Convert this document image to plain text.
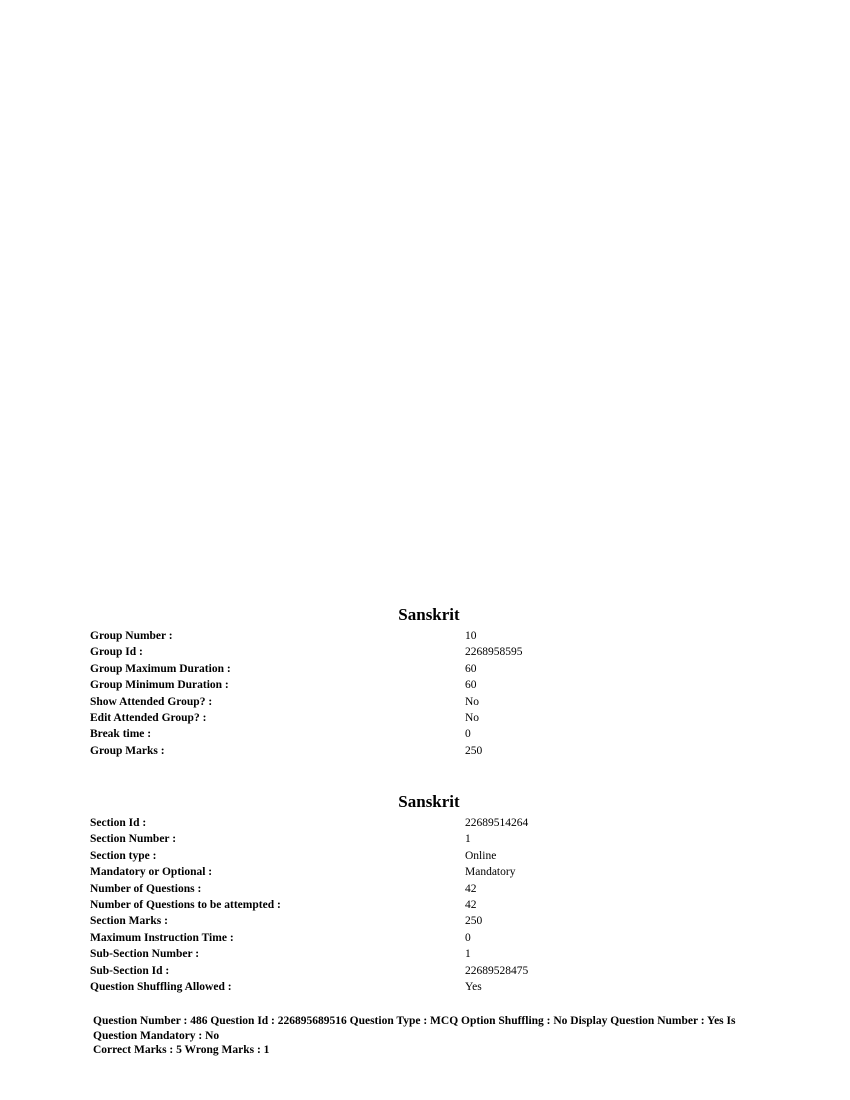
Sanskrit
Group Number :	10
Group Id :	2268958595
Group Maximum Duration :	60
Group Minimum Duration :	60
Show Attended Group? :	No
Edit Attended Group? :	No
Break time :	0
Group Marks :	250
Sanskrit
Section Id :	22689514264
Section Number :	1
Section type :	Online
Mandatory or Optional :	Mandatory
Number of Questions :	42
Number of Questions to be attempted :	42
Section Marks :	250
Maximum Instruction Time :	0
Sub-Section Number :	1
Sub-Section Id :	22689528475
Question Shuffling Allowed :	Yes

Question Number : 486 Question Id : 226895689516 Question Type : MCQ Option Shuffling : No Display Question Number : Yes Is Question Mandatory : No

Correct Marks : 5 Wrong Marks : 1
